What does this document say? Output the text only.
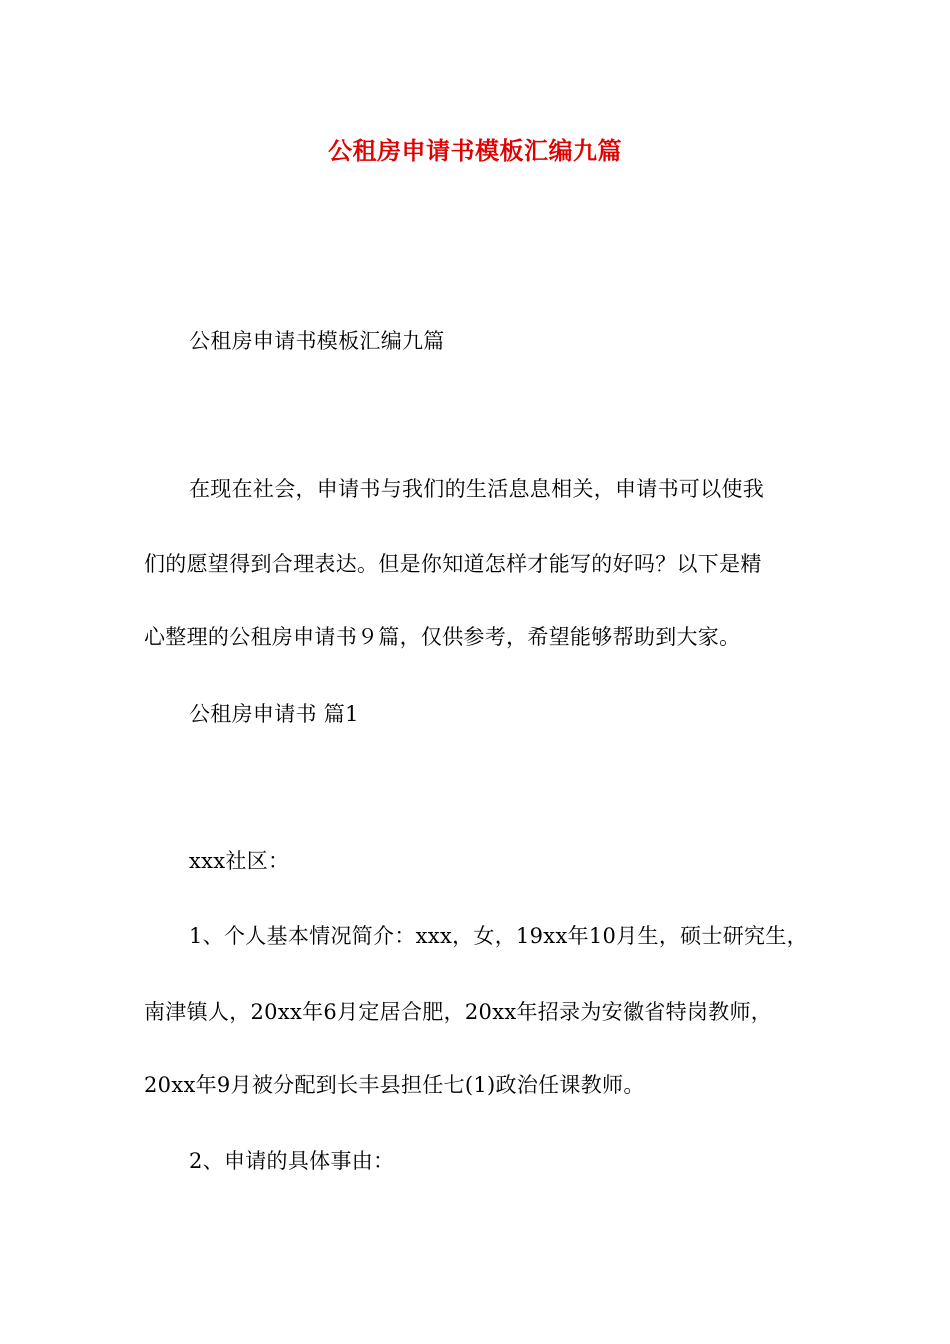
公租房申请书模板汇编九篇
公租房申请书模板汇编九篇
在现在社会，申请书与我们的生活息息相关，申请书可以使我
们的愿望得到合理表达。但是你知道怎样才能写的好吗？以下是精
心整理的公租房申请书９篇，仅供参考，希望能够帮助到大家。
公租房申请书 篇1
xxx社区：
1、个人基本情况简介：xxx，女，19xx年10月生，硕士研究生，
南津镇人，20xx年6月定居合肥，20xx年招录为安徽省特岗教师，
20xx年9月被分配到长丰县担任七(1)政治任课教师。
2、申请的具体事由：
